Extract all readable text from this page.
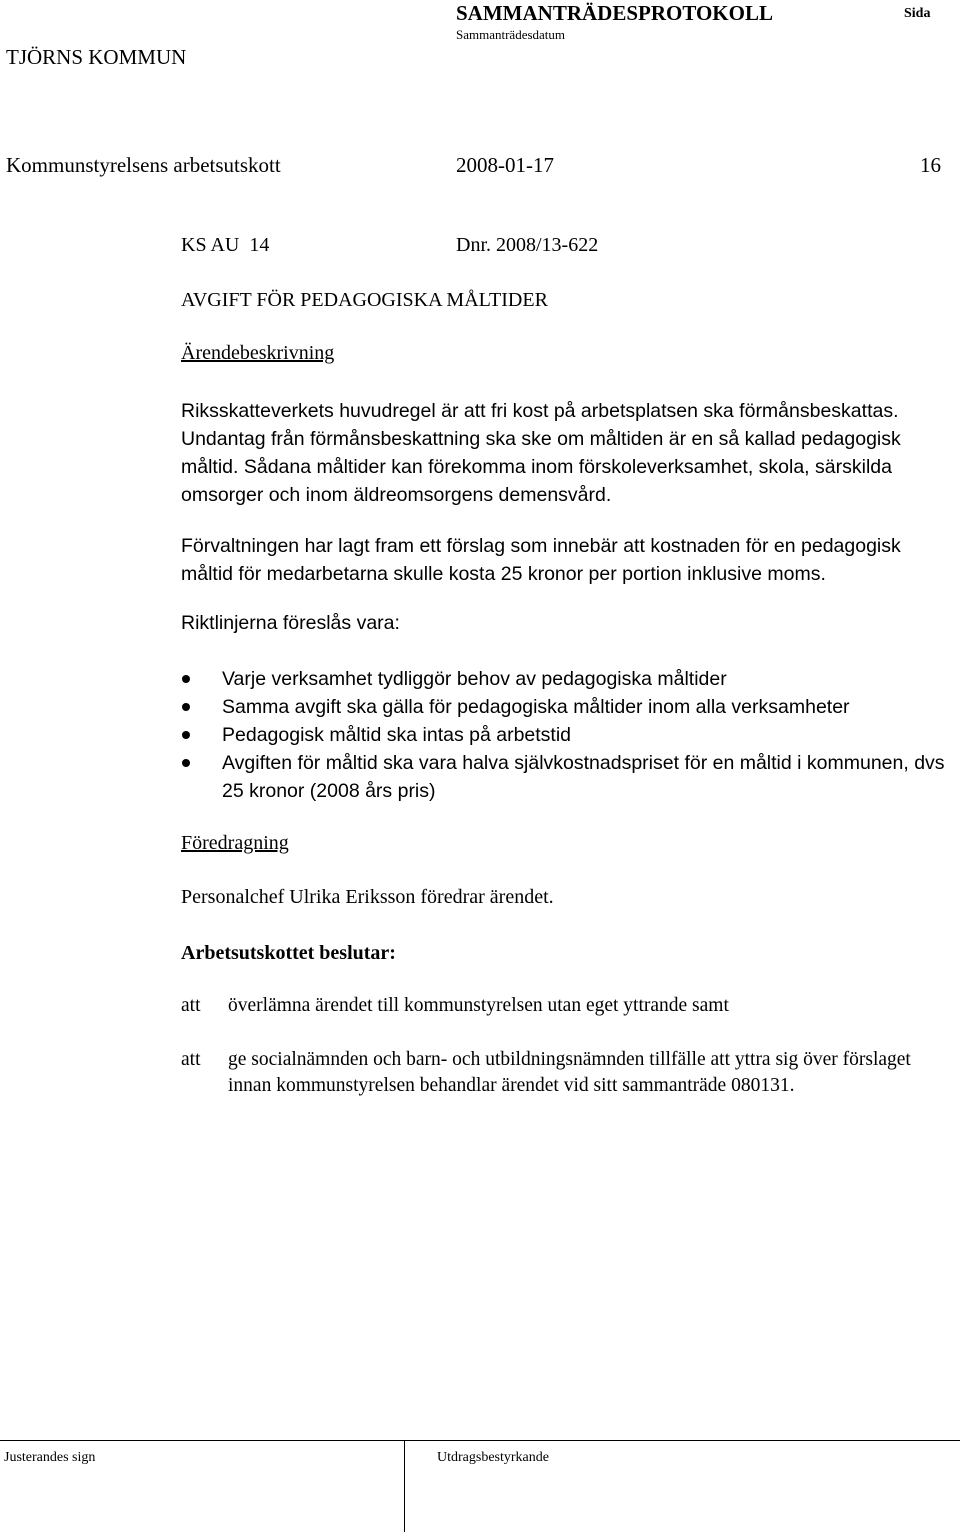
TJÖRNS KOMMUN
SAMMANTRÄDESPROTOKOLL
Sammanträdesdatum
Sida
Kommunstyrelsens arbetsutskott	2008-01-17	16
KS AU  14	Dnr. 2008/13-622
AVGIFT FÖR PEDAGOGISKA MÅLTIDER
Ärendebeskrivning
Riksskatteverkets huvudregel är att fri kost på arbetsplatsen ska förmånsbeskattas. Undantag från förmånsbeskattning ska ske om måltiden är en så kallad pedagogisk måltid. Sådana måltider kan förekomma inom förskoleverksamhet, skola, särskilda omsorger och inom äldreomsorgens demensvård.
Förvaltningen har lagt fram ett förslag som innebär att kostnaden för en pedagogisk måltid för medarbetarna skulle kosta 25 kronor per portion inklusive moms.
Riktlinjerna föreslås vara:
Varje verksamhet tydliggör behov av pedagogiska måltider
Samma avgift ska gälla för pedagogiska måltider inom alla verksamheter
Pedagogisk måltid ska intas på arbetstid
Avgiften för måltid ska vara halva självkostnadspriset för en måltid i kommunen, dvs 25 kronor (2008 års pris)
Föredragning
Personalchef Ulrika Eriksson föredrar ärendet.
Arbetsutskottet beslutar:
att överlämna ärendet till kommunstyrelsen utan eget yttrande samt
att ge socialnämnden och barn- och utbildningsnämnden tillfälle att yttra sig över förslaget innan kommunstyrelsen behandlar ärendet vid sitt sammanträde 080131.
Justerandes sign	Utdragsbestyrkande
